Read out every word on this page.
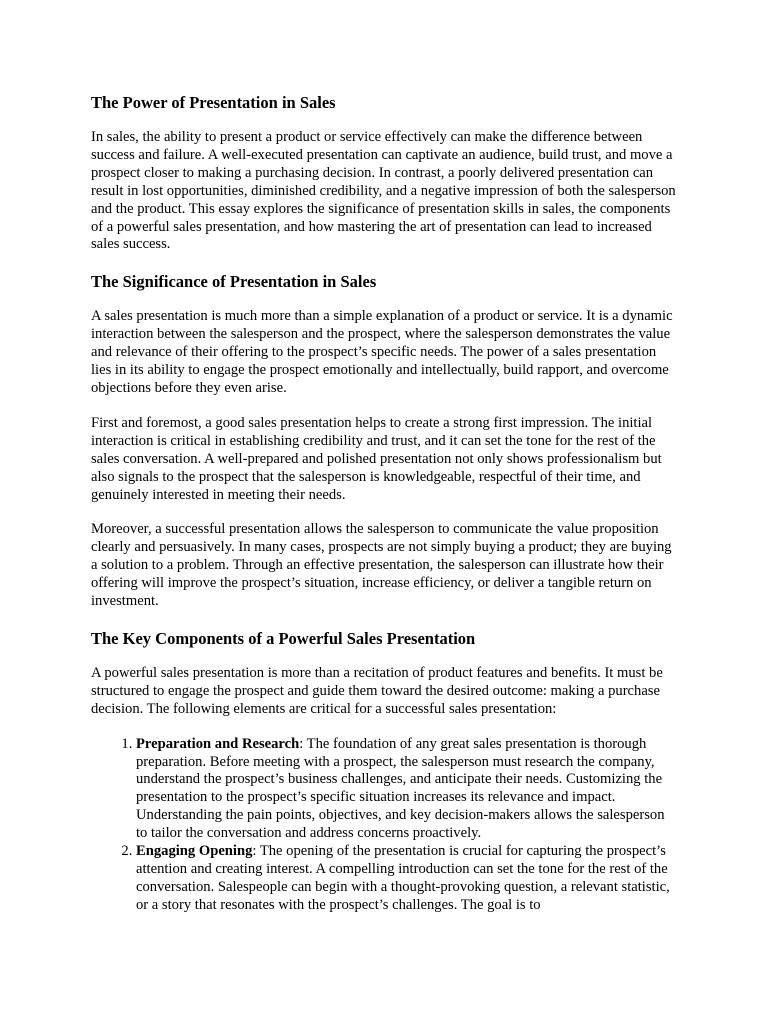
The Power of Presentation in Sales

In sales, the ability to present a product or service effectively can make the difference between success and failure. A well-executed presentation can captivate an audience, build trust, and move a prospect closer to making a purchasing decision. In contrast, a poorly delivered presentation can result in lost opportunities, diminished credibility, and a negative impression of both the salesperson and the product. This essay explores the significance of presentation skills in sales, the components of a powerful sales presentation, and how mastering the art of presentation can lead to increased sales success.

The Significance of Presentation in Sales

A sales presentation is much more than a simple explanation of a product or service. It is a dynamic interaction between the salesperson and the prospect, where the salesperson demonstrates the value and relevance of their offering to the prospect’s specific needs. The power of a sales presentation lies in its ability to engage the prospect emotionally and intellectually, build rapport, and overcome objections before they even arise.

First and foremost, a good sales presentation helps to create a strong first impression. The initial interaction is critical in establishing credibility and trust, and it can set the tone for the rest of the sales conversation. A well-prepared and polished presentation not only shows professionalism but also signals to the prospect that the salesperson is knowledgeable, respectful of their time, and genuinely interested in meeting their needs.

Moreover, a successful presentation allows the salesperson to communicate the value proposition clearly and persuasively. In many cases, prospects are not simply buying a product; they are buying a solution to a problem. Through an effective presentation, the salesperson can illustrate how their offering will improve the prospect’s situation, increase efficiency, or deliver a tangible return on investment.

The Key Components of a Powerful Sales Presentation

A powerful sales presentation is more than a recitation of product features and benefits. It must be structured to engage the prospect and guide them toward the desired outcome: making a purchase decision. The following elements are critical for a successful sales presentation:

1. Preparation and Research: The foundation of any great sales presentation is thorough preparation. Before meeting with a prospect, the salesperson must research the company, understand the prospect’s business challenges, and anticipate their needs. Customizing the presentation to the prospect’s specific situation increases its relevance and impact. Understanding the pain points, objectives, and key decision-makers allows the salesperson to tailor the conversation and address concerns proactively.
2. Engaging Opening: The opening of the presentation is crucial for capturing the prospect’s attention and creating interest. A compelling introduction can set the tone for the rest of the conversation. Salespeople can begin with a thought-provoking question, a relevant statistic, or a story that resonates with the prospect’s challenges. The goal is to
